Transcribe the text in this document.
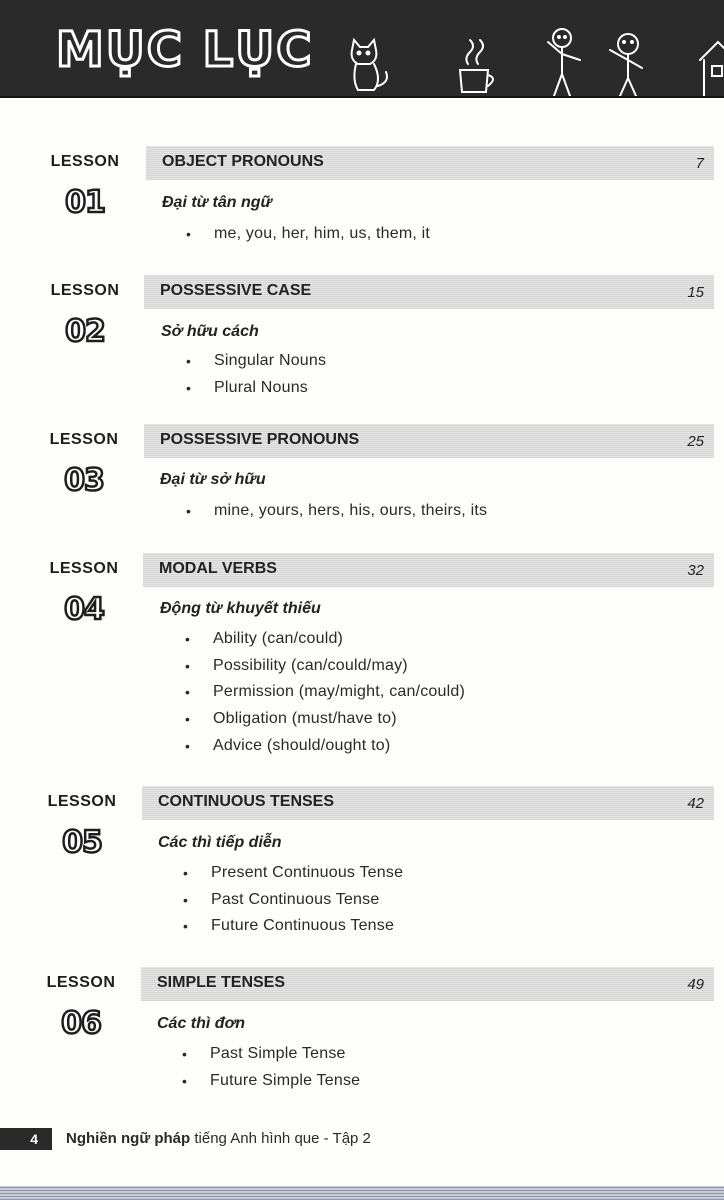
MỤC LỤC
LESSON
01
OBJECT PRONOUNS	7
Đại từ tân ngữ
• me, you, her, him, us, them, it
LESSON
02
POSSESSIVE CASE	15
Sở hữu cách
• Singular Nouns
• Plural Nouns
LESSON
03
POSSESSIVE PRONOUNS	25
Đại từ sở hữu
• mine, yours, hers, his, ours, theirs, its
LESSON
04
MODAL VERBS	32
Động từ khuyết thiếu
• Ability (can/could)
• Possibility (can/could/may)
• Permission (may/might, can/could)
• Obligation (must/have to)
• Advice (should/ought to)
LESSON
05
CONTINUOUS TENSES	42
Các thì tiếp diễn
• Present Continuous Tense
• Past Continuous Tense
• Future Continuous Tense
LESSON
06
SIMPLE TENSES	49
Các thì đơn
• Past Simple Tense
• Future Simple Tense
4	Nghiền ngữ pháp tiếng Anh hình que - Tập 2
